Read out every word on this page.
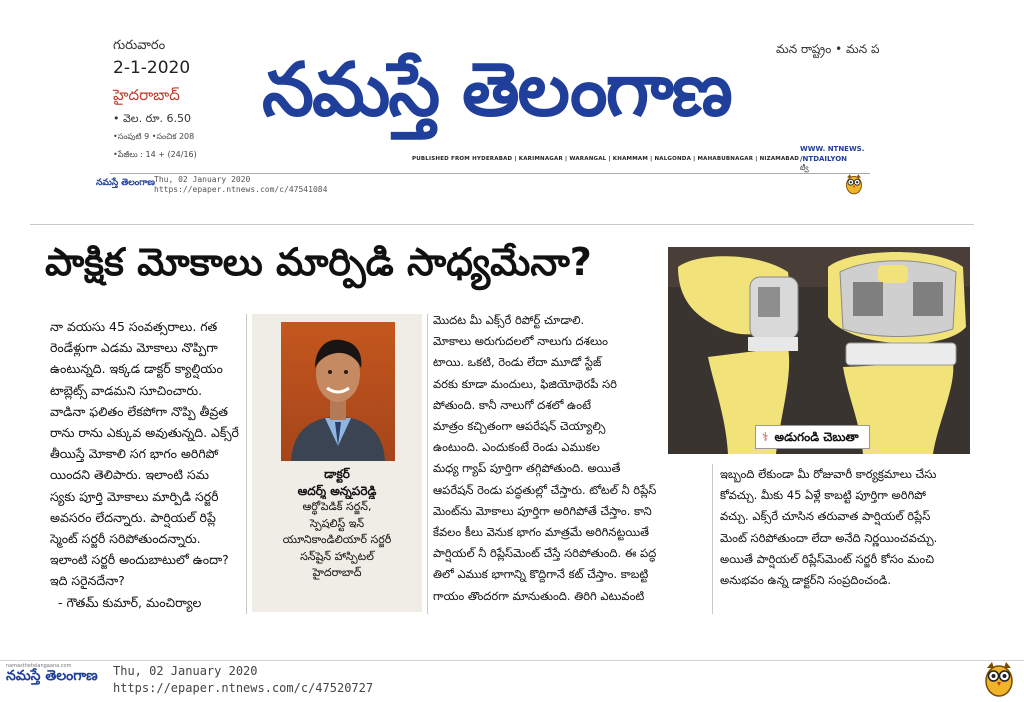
గురువారం
2-1-2020
హైదరాబాద్
• వెల. రూ. 6.50
•సంపుటి 9 •సంచిక 208
•పేజీలు : 14 + (24/16)
నమస్తే తెలంగాణ	మన రాష్ట్రం • మన ప
PUBLISHED FROM HYDERABAD | KARIMNAGAR | WARANGAL | KHAMMAM | NALGONDA | MAHABUBNAGAR | NIZAMABAD
WWW. NTNEWS.
/NTDAILYON
ట్వీ
నమస్తే తెలంగాణ Thu, 02 January 2020
https://epaper.ntnews.com/c/47541084
పాక్షిక మోకాలు మార్పిడి సాధ్యమేనా?

నా వయసు 45 సంవత్సరాలు. గత

రెండేళ్లుగా ఎడమ మోకాలు నొప్పిగా

ఉంటున్నది. ఇక్కడ డాక్టర్ క్యాల్షియం

టాబ్లెట్స్ వాడమని సూచించారు.

వాడినా ఫలితం లేకపోగా నొప్పి తీవ్రత

రాను రాను ఎక్కువ అవుతున్నది. ఎక్స్‌రే

తీయిస్తే మోకాలి సగ భాగం అరిగిపో

యిందని తెలిపారు. ఇలాంటి సమ

స్యకు పూర్తి మోకాలు మార్పిడి సర్జరీ

అవసరం లేదన్నారు. పార్షియల్ రిప్లే

స్మెంట్ సర్జరీ సరిపోతుందన్నారు.

ఇలాంటి సర్జరీ అందుబాటులో ఉందా?

ఇది సరైనదేనా?

- గౌతమ్ కుమార్, మంచిర్యాల

డాక్టర్

ఆదర్శ్ అన్నపరెడ్డి

ఆర్థోపెడిక్ సర్జన్,

స్పెషలిస్ట్ ఇన్

యూనికాండిలియార్ సర్జరీ

సన్‌షైన్ హాస్పిటల్

హైదరాబాద్

మొదట మీ ఎక్స్‌రే రిపోర్ట్ చూడాలి.

మోకాలు అరుగుదలలో నాలుగు దశలుం

టాయి. ఒకటి, రెండు లేదా మూడో స్టేజ్

వరకు కూడా మందులు, ఫిజియోథెరపీ సరి

పోతుంది. కానీ నాలుగో దశలో ఉంటే

మాత్రం కచ్చితంగా ఆపరేషన్ చెయ్యాల్సి

ఉంటుంది. ఎందుకంటే రెండు ఎముకల

మధ్య గ్యాప్ పూర్తిగా తగ్గిపోతుంది. అయితే

ఆపరేషన్ రెండు పద్ధతుల్లో చేస్తారు. టోటల్ నీ రిప్లేస్

మెంట్‌ను మోకాలు పూర్తిగా అరిగిపోతే చేస్తాం. కాని

కేవలం కీలు వెనుక భాగం మాత్రమే అరిగినట్టయితే

పార్షియల్ నీ రిప్లేస్‌మెంట్ చేస్తే సరిపోతుంది. ఈ పద్ధ

తిలో ఎముక భాగాన్ని కొద్దిగానే కట్ చేస్తాం. కాబట్టి

గాయం తొందరగా మానుతుంది. తిరిగి ఎటువంటి

⚕ అడుగండి చెబుతా

ఇబ్బంది లేకుండా మీ రోజువారీ కార్యక్రమాలు చేసు

కోవచ్చు. మీకు 45 ఏళ్లే కాబట్టి పూర్తిగా అరిగిపో

వచ్చు. ఎక్స్‌రే చూసిన తరువాత పార్షియల్ రిప్లేస్

మెంట్ సరిపోతుందా లేదా అనేది నిర్ణయించవచ్చు.

అయితే పార్షియల్ రిప్లేస్‌మెంట్ సర్జరీ కోసం మంచి

అనుభవం ఉన్న డాక్టర్‌ని సంప్రదించండి.

namasthetelangaana.com
నమస్తే తెలంగాణ Thu, 02 January 2020
https://epaper.ntnews.com/c/47520727
